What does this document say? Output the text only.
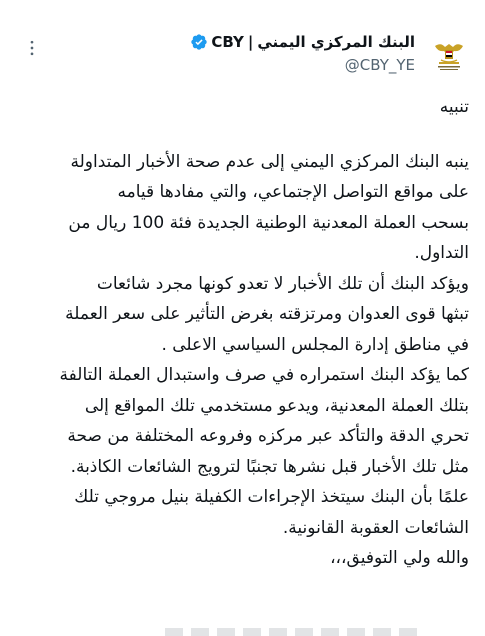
البنك المركزي اليمني
|
CBY
@CBY_YE
تنبيه
ينبه البنك المركزي اليمني إلى عدم صحة الأخبار المتداولة
على مواقع التواصل الإجتماعي، والتي مفادها قيامه
بسحب العملة المعدنية الوطنية الجديدة فئة 100 ريال من
التداول.
ويؤكد البنك أن تلك الأخبار لا تعدو كونها مجرد شائعات
تبثها قوى العدوان ومرتزقته بغرض التأثير على سعر العملة
في مناطق إدارة المجلس السياسي الاعلى .
كما يؤكد البنك استمراره في صرف واستبدال العملة التالفة
بتلك العملة المعدنية، ويدعو مستخدمي تلك المواقع إلى
تحري الدقة والتأكد عبر مركزه وفروعه المختلفة من صحة
مثل تلك الأخبار قبل نشرها تجنبًا لترويج الشائعات الكاذبة.
علمًا بأن البنك سيتخذ الإجراءات الكفيلة بنيل مروجي تلك
الشائعات العقوبة القانونية.
والله ولي التوفيق،،،
